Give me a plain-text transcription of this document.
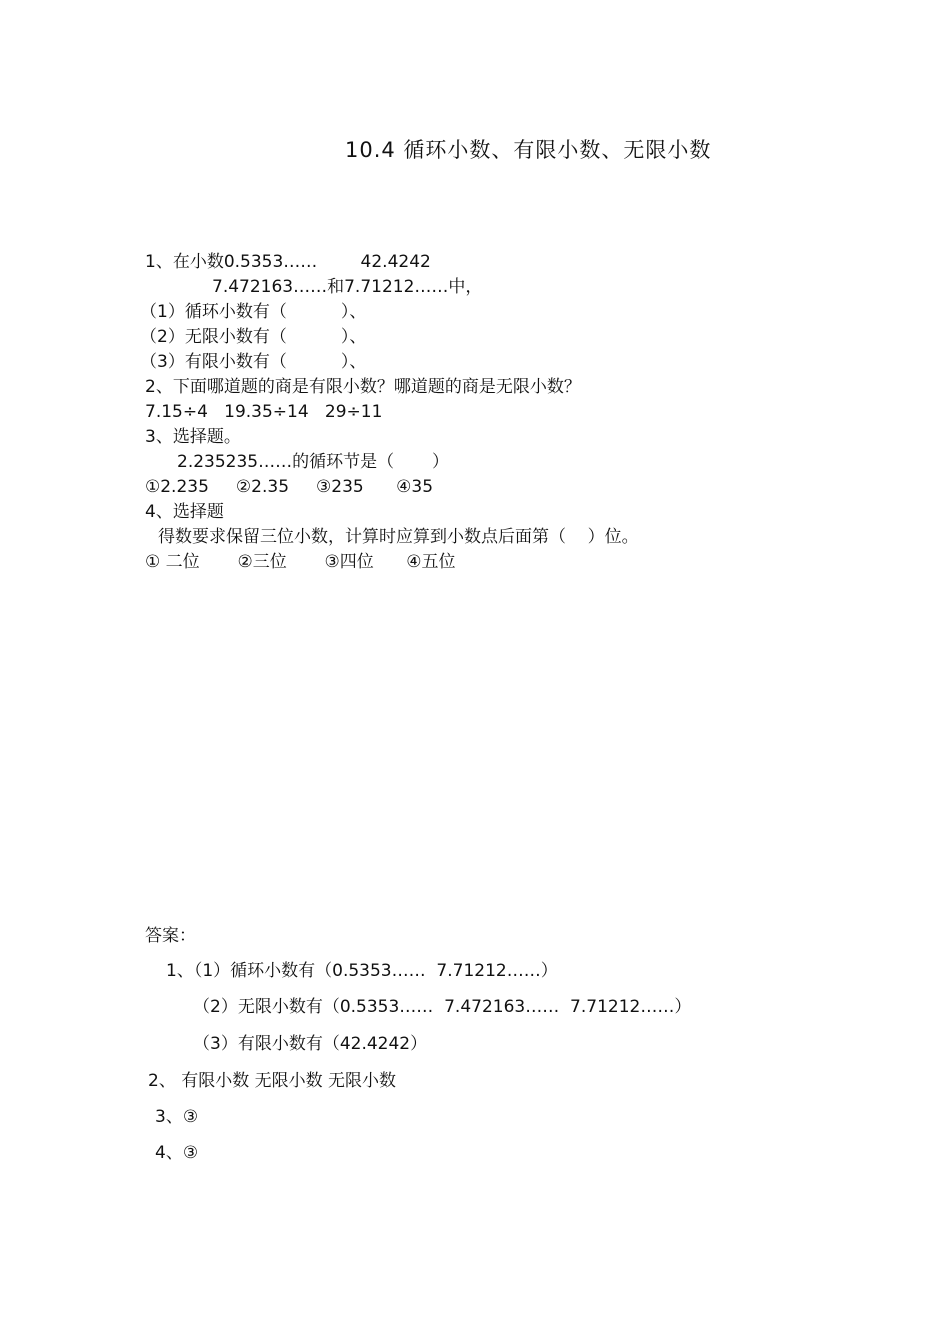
10.4 循环小数、有限小数、无限小数
1、在小数0.5353……        42.4242
7.472163……和7.71212……中，
（1）循环小数有（          ）、
（2）无限小数有（          ）、
（3）有限小数有（          ）、
2、下面哪道题的商是有限小数？哪道题的商是无限小数？
7.15÷4   19.35÷14   29÷11
3、选择题。
2.235235……的循环节是（       ）
①2.235     ②2.35     ③235      ④35
4、选择题
得数要求保留三位小数，计算时应算到小数点后面第（    ）位。
① 二位       ②三位       ③四位      ④五位
答案：
1、（1）循环小数有（0.5353……  7.71212……）
（2）无限小数有（0.5353……  7.472163……  7.71212……）
（3）有限小数有（42.4242）
2、 有限小数 无限小数 无限小数
3、③
4、③
